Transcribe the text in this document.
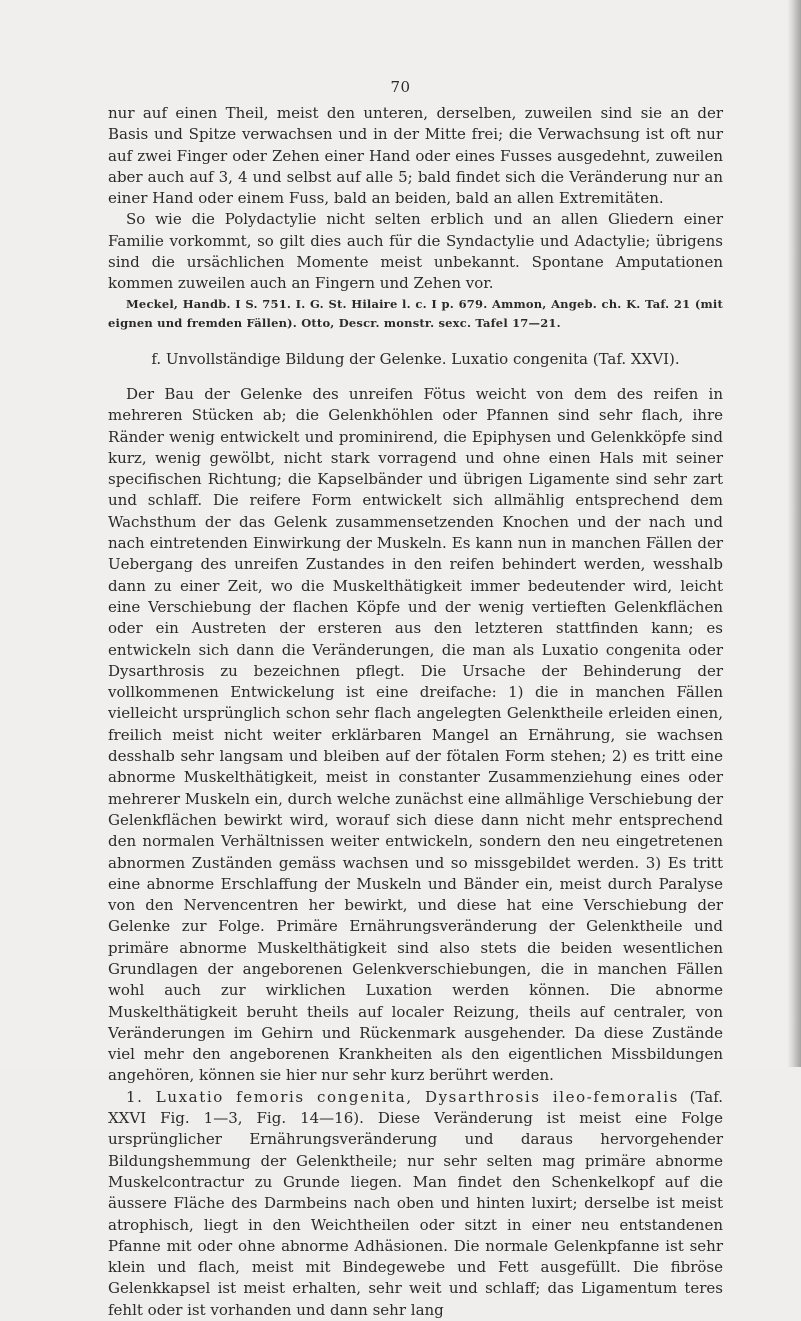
70

nur auf einen Theil, meist den unteren, derselben, zuweilen sind sie an der Basis und Spitze verwachsen und in der Mitte frei; die Verwachsung ist oft nur auf zwei Finger oder Zehen einer Hand oder eines Fusses ausgedehnt, zuweilen aber auch auf 3, 4 und selbst auf alle 5; bald findet sich die Veränderung nur an einer Hand oder einem Fuss, bald an beiden, bald an allen Extremitäten.

So wie die Polydactylie nicht selten erblich und an allen Gliedern einer Familie vorkommt, so gilt dies auch für die Syndactylie und Adactylie; übrigens sind die ursächlichen Momente meist unbekannt. Spontane Amputationen kommen zuweilen auch an Fingern und Zehen vor.

Meckel, Handb. I S. 751. I. G. St. Hilaire l. c. I p. 679. Ammon, Angeb. ch. K. Taf. 21 (mit eignen und fremden Fällen). Otto, Descr. monstr. sexc. Tafel 17—21.

f. Unvollständige Bildung der Gelenke. Luxatio congenita (Taf. XXVI).

Der Bau der Gelenke des unreifen Fötus weicht von dem des reifen in mehreren Stücken ab; die Gelenkhöhlen oder Pfannen sind sehr flach, ihre Ränder wenig entwickelt und prominirend, die Epiphysen und Gelenkköpfe sind kurz, wenig gewölbt, nicht stark vorragend und ohne einen Hals mit seiner specifischen Richtung; die Kapselbänder und übrigen Ligamente sind sehr zart und schlaff. Die reifere Form entwickelt sich allmählig entsprechend dem Wachsthum der das Gelenk zusammensetzenden Knochen und der nach und nach eintretenden Einwirkung der Muskeln. Es kann nun in manchen Fällen der Uebergang des unreifen Zustandes in den reifen behindert werden, wesshalb dann zu einer Zeit, wo die Muskelthätigkeit immer bedeutender wird, leicht eine Verschiebung der flachen Köpfe und der wenig vertieften Gelenkflächen oder ein Austreten der ersteren aus den letzteren stattfinden kann; es entwickeln sich dann die Veränderungen, die man als Luxatio congenita oder Dysarthrosis zu bezeichnen pflegt. Die Ursache der Behinderung der vollkommenen Entwickelung ist eine dreifache: 1) die in manchen Fällen vielleicht ursprünglich schon sehr flach angelegten Gelenktheile erleiden einen, freilich meist nicht weiter erklärbaren Mangel an Ernährung, sie wachsen desshalb sehr langsam und bleiben auf der fötalen Form stehen; 2) es tritt eine abnorme Muskelthätigkeit, meist in constanter Zusammenziehung eines oder mehrerer Muskeln ein, durch welche zunächst eine allmählige Verschiebung der Gelenkflächen bewirkt wird, worauf sich diese dann nicht mehr entsprechend den normalen Verhältnissen weiter entwickeln, sondern den neu eingetretenen abnormen Zuständen gemäss wachsen und so missgebildet werden. 3) Es tritt eine abnorme Erschlaffung der Muskeln und Bänder ein, meist durch Paralyse von den Nervencentren her bewirkt, und diese hat eine Verschiebung der Gelenke zur Folge. Primäre Ernährungsveränderung der Gelenktheile und primäre abnorme Muskelthätigkeit sind also stets die beiden wesentlichen Grundlagen der angeborenen Gelenkverschiebungen, die in manchen Fällen wohl auch zur wirklichen Luxation werden können. Die abnorme Muskelthätigkeit beruht theils auf localer Reizung, theils auf centraler, von Veränderungen im Gehirn und Rückenmark ausgehender. Da diese Zustände viel mehr den angeborenen Krankheiten als den eigentlichen Missbildungen angehören, können sie hier nur sehr kurz berührt werden.

1. Luxatio femoris congenita, Dysarthrosis ileo-femoralis (Taf. XXVI Fig. 1—3, Fig. 14—16). Diese Veränderung ist meist eine Folge ursprünglicher Ernährungsveränderung und daraus hervorgehender Bildungshemmung der Gelenktheile; nur sehr selten mag primäre abnorme Muskelcontractur zu Grunde liegen. Man findet den Schenkelkopf auf die äussere Fläche des Darmbeins nach oben und hinten luxirt; derselbe ist meist atrophisch, liegt in den Weichtheilen oder sitzt in einer neu entstandenen Pfanne mit oder ohne abnorme Adhäsionen. Die normale Gelenkpfanne ist sehr klein und flach, meist mit Bindegewebe und Fett ausgefüllt. Die fibröse Gelenkkapsel ist meist erhalten, sehr weit und schlaff; das Ligamentum teres fehlt oder ist vorhanden und dann sehr lang
